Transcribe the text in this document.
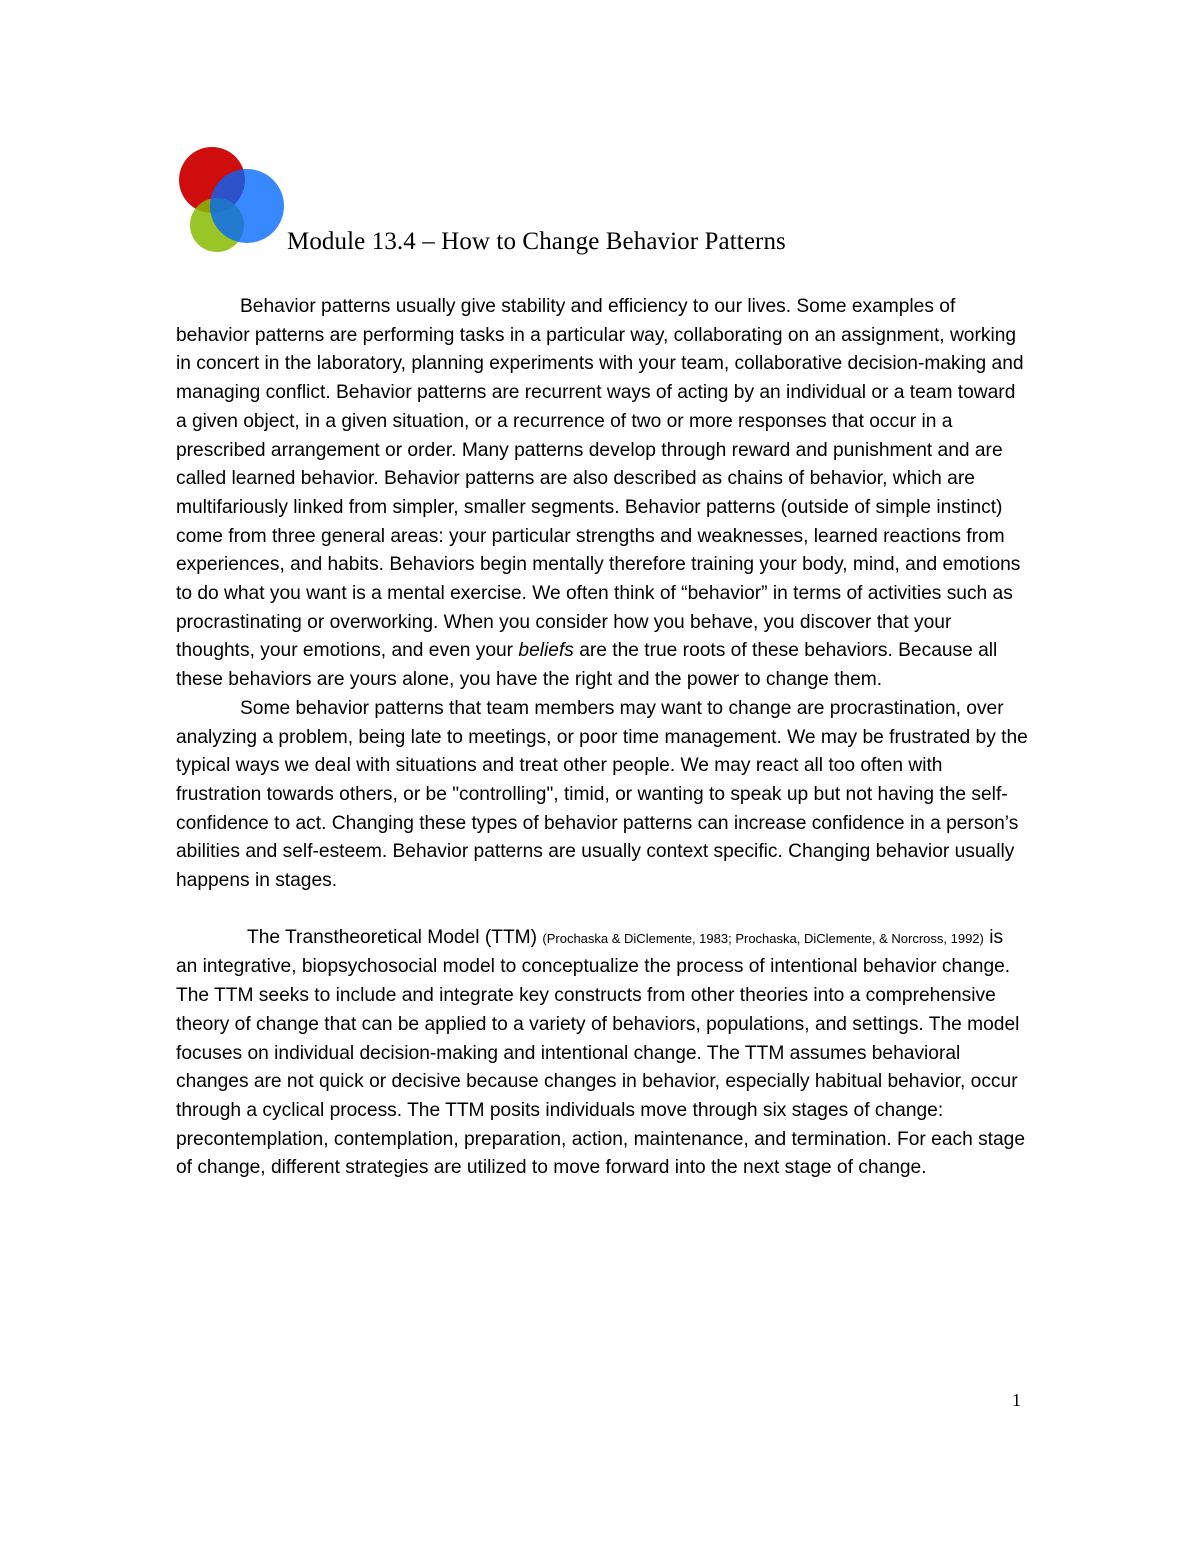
Module 13.4 – How to Change Behavior Patterns

Behavior patterns usually give stability and efficiency to our lives. Some examples of behavior patterns are performing tasks in a particular way, collaborating on an assignment, working in concert in the laboratory, planning experiments with your team, collaborative decision-making and managing conflict. Behavior patterns are recurrent ways of acting by an individual or a team toward a given object, in a given situation, or a recurrence of two or more responses that occur in a prescribed arrangement or order. Many patterns develop through reward and punishment and are called learned behavior. Behavior patterns are also described as chains of behavior, which are multifariously linked from simpler, smaller segments. Behavior patterns (outside of simple instinct) come from three general areas: your particular strengths and weaknesses, learned reactions from experiences, and habits. Behaviors begin mentally therefore training your body, mind, and emotions to do what you want is a mental exercise. We often think of “behavior” in terms of activities such as procrastinating or overworking. When you consider how you behave, you discover that your thoughts, your emotions, and even your beliefs are the true roots of these behaviors. Because all these behaviors are yours alone, you have the right and the power to change them.

Some behavior patterns that team members may want to change are procrastination, over analyzing a problem, being late to meetings, or poor time management. We may be frustrated by the typical ways we deal with situations and treat other people. We may react all too often with frustration towards others, or be "controlling", timid, or wanting to speak up but not having the self-confidence to act. Changing these types of behavior patterns can increase confidence in a person’s abilities and self-esteem. Behavior patterns are usually context specific. Changing behavior usually happens in stages.

The Transtheoretical Model (TTM) (Prochaska & DiClemente, 1983; Prochaska, DiClemente, & Norcross, 1992) is an integrative, biopsychosocial model to conceptualize the process of intentional behavior change. The TTM seeks to include and integrate key constructs from other theories into a comprehensive theory of change that can be applied to a variety of behaviors, populations, and settings. The model focuses on individual decision-making and intentional change. The TTM assumes behavioral changes are not quick or decisive because changes in behavior, especially habitual behavior, occur through a cyclical process. The TTM posits individuals move through six stages of change: precontemplation, contemplation, preparation, action, maintenance, and termination. For each stage of change, different strategies are utilized to move forward into the next stage of change.

1
